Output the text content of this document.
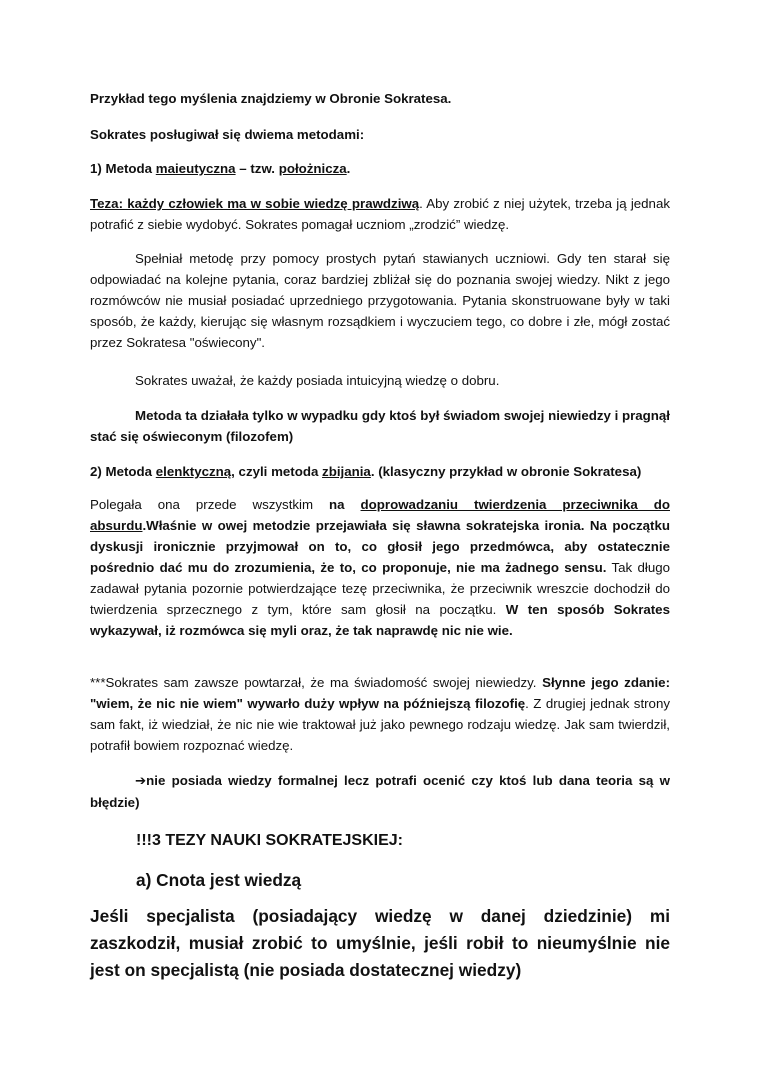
Przykład tego myślenia znajdziemy w Obronie Sokratesa.

Sokrates posługiwał się dwiema metodami:

1) Metoda maieutyczna – tzw. położnicza.

Teza: każdy człowiek ma w sobie wiedzę prawdziwą. Aby zrobić z niej użytek, trzeba ją jednak potrafić z siebie wydobyć. Sokrates pomagał uczniom „zrodzić” wiedzę.

Spełniał metodę przy pomocy prostych pytań stawianych uczniowi. Gdy ten starał się odpowiadać na kolejne pytania, coraz bardziej zbliżał się do poznania swojej wiedzy. Nikt z jego rozmówców nie musiał posiadać uprzedniego przygotowania. Pytania skonstruowane były w taki sposób, że każdy, kierując się własnym rozsądkiem i wyczuciem tego, co dobre i złe, mógł zostać przez Sokratesa "oświecony".

Sokrates uważał, że każdy posiada intuicyjną wiedzę o dobru.

Metoda ta działała tylko w wypadku gdy ktoś był świadom swojej niewiedzy i pragnął stać się oświeconym (filozofem)

2) Metoda elenktyczną, czyli metoda zbijania. (klasyczny przykład w obronie Sokratesa)

Polegała ona przede wszystkim na doprowadzaniu twierdzenia przeciwnika do absurdu.Właśnie w owej metodzie przejawiała się sławna sokratejska ironia. Na początku dyskusji ironicznie przyjmował on to, co głosił jego przedmówca, aby ostatecznie pośrednio dać mu do zrozumienia, że to, co proponuje, nie ma żadnego sensu. Tak długo zadawał pytania pozornie potwierdzające tezę przeciwnika, że przeciwnik wreszcie dochodził do twierdzenia sprzecznego z tym, które sam głosił na początku. W ten sposób Sokrates wykazywał, iż rozmówca się myli oraz, że tak naprawdę nic nie wie.

***Sokrates sam zawsze powtarzał, że ma świadomość swojej niewiedzy. Słynne jego zdanie: "wiem, że nic nie wiem" wywarło duży wpływ na późniejszą filozofię. Z drugiej jednak strony sam fakt, iż wiedział, że nic nie wie traktował już jako pewnego rodzaju wiedzę. Jak sam twierdził, potrafił bowiem rozpoznać wiedzę.

➔nie posiada wiedzy formalnej lecz potrafi ocenić czy ktoś lub dana teoria są w błędzie)

!!!3 TEZY NAUKI SOKRATEJSKIEJ:

a) Cnota jest wiedzą

Jeśli specjalista (posiadający wiedzę w danej dziedzinie) mi zaszkodził, musiał zrobić to umyślnie, jeśli robił to nieumyślnie nie jest on specjalistą (nie posiada dostatecznej wiedzy)
